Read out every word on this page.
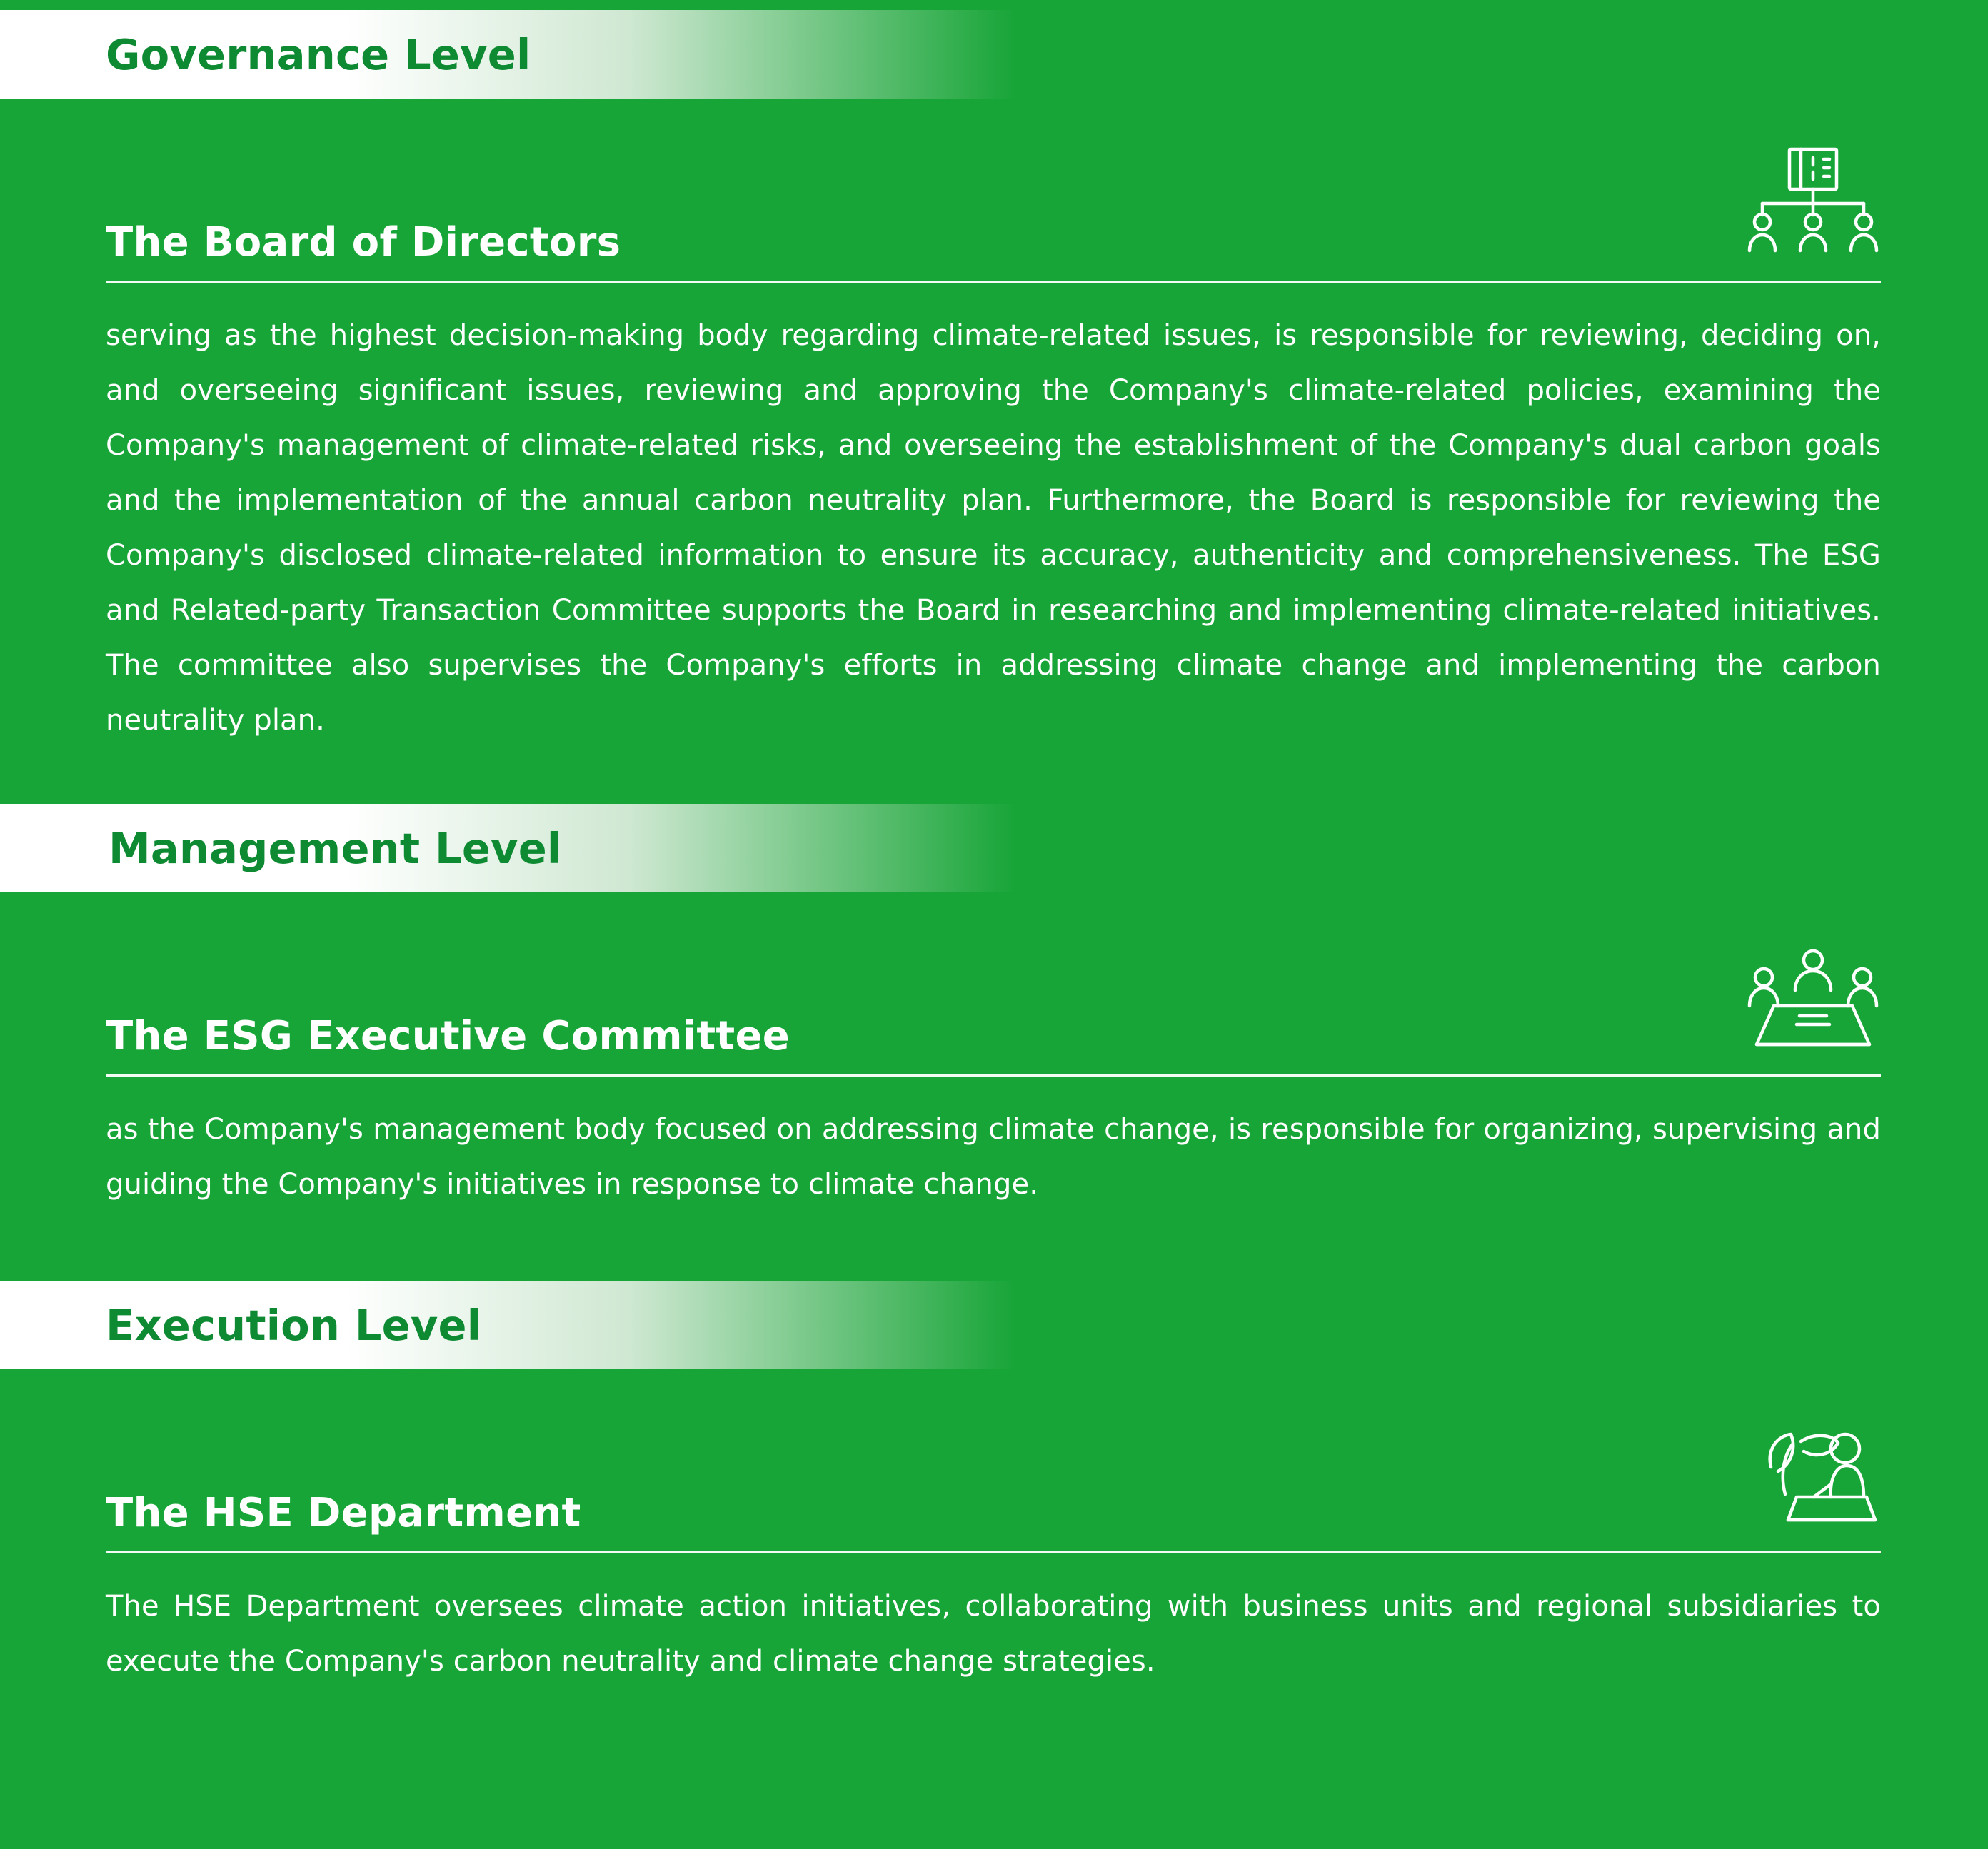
Governance Level
The Board of Directors
serving as the highest decision-making body regarding climate-related issues, is responsible for reviewing, deciding on, and overseeing significant issues, reviewing and approving the Company's climate-related policies, examining the Company's management of climate-related risks, and overseeing the establishment of the Company's dual carbon goals and the implementation of the annual carbon neutrality plan. Furthermore, the Board is responsible for reviewing the Company's disclosed climate-related information to ensure its accuracy, authenticity and comprehensiveness. The ESG and Related-party Transaction Committee supports the Board in researching and implementing climate-related initiatives. The committee also supervises the Company's efforts in addressing climate change and implementing the carbon neutrality plan.
Management Level
The ESG Executive Committee
as the Company's management body focused on addressing climate change, is responsible for organizing, supervising and guiding the Company's initiatives in response to climate change.
Execution Level
The HSE Department
The HSE Department oversees climate action initiatives, collaborating with business units and regional subsidiaries to execute the Company's carbon neutrality and climate change strategies.
